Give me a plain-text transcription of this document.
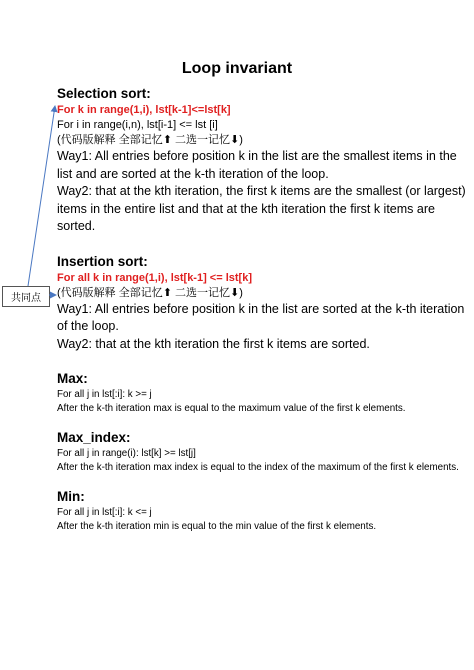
Loop invariant
Selection sort:
For k in range(1,i), lst[k-1]<=lst[k]
For i in range(i,n), lst[i-1] <= lst [i]
(代码版解释 全部记忆⬆ 二选一记忆⬇)
Way1: All entries before position k in the list are the smallest items in the list and are sorted at the k-th iteration of the loop.
Way2: that at the kth iteration, the first k items are the smallest (or largest) items in the entire list and that at the kth iteration the first k items are sorted.
Insertion sort:
For all k in range(1,i), lst[k-1] <= lst[k]
(代码版解释 全部记忆⬆ 二选一记忆⬇)
Way1: All entries before position k in the list are sorted at the k-th iteration of the loop.
Way2: that at the kth iteration the first k items are sorted.
Max:
For all j in lst[:i]: k >= j
After the k-th iteration max is equal to the maximum value of the first k elements.
Max_index:
For all j in range(i): lst[k] >= lst[j]
After the k-th iteration max index is equal to the index of the maximum of the first k elements.
Min:
For all j in lst[:i]: k <= j
After the k-th iteration min is equal to the min value of the first k elements.
共同点
